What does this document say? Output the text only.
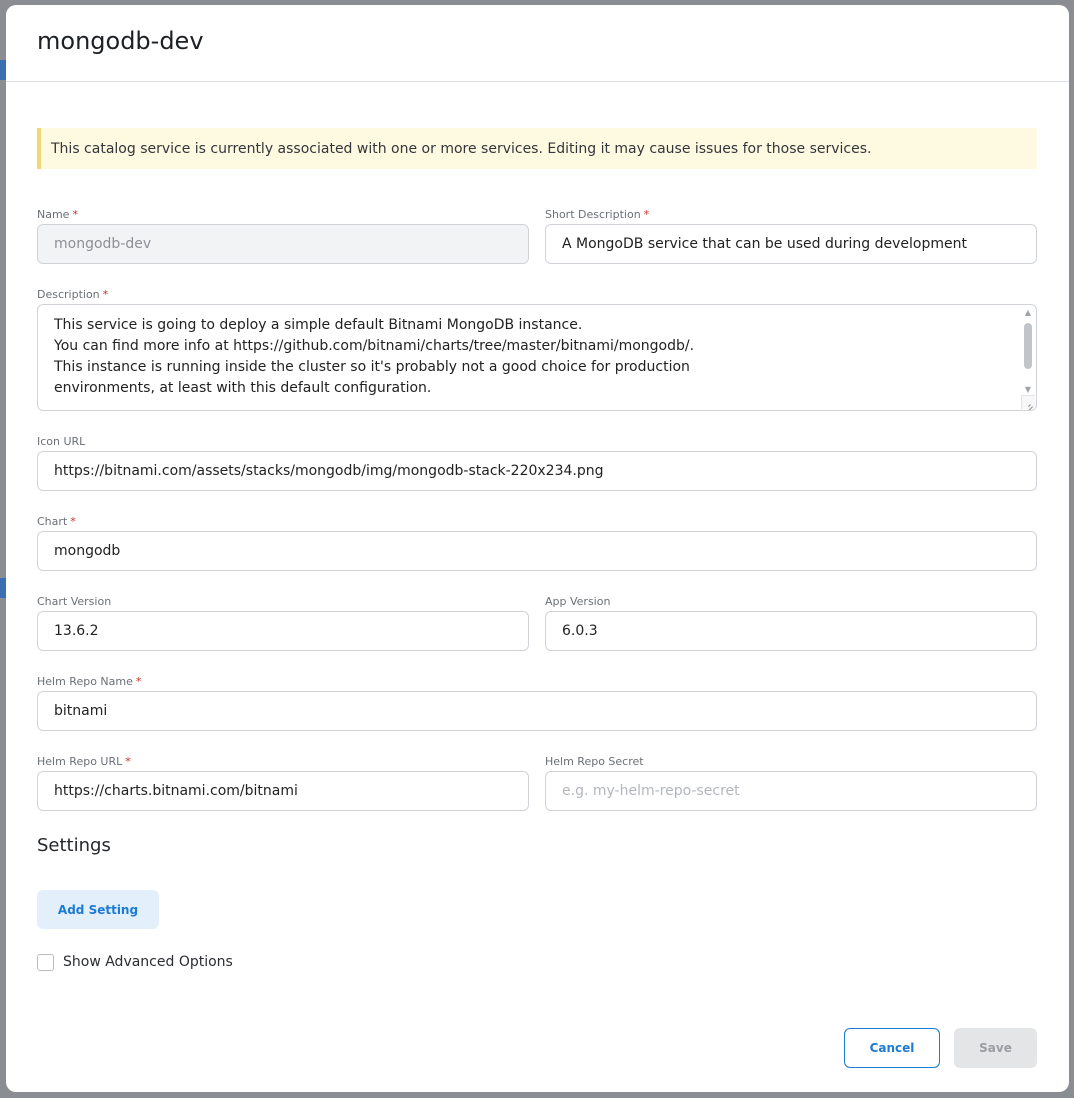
mongodb-dev
This catalog service is currently associated with one or more services. Editing it may cause issues for those services.
Name *
mongodb-dev
Short Description *
A MongoDB service that can be used during development
Description *
This service is going to deploy a simple default Bitnami MongoDB instance.
You can find more info at https://github.com/bitnami/charts/tree/master/bitnami/mongodb/.
This instance is running inside the cluster so it's probably not a good choice for production
environments, at least with this default configuration.
▲
▼
Icon URL
https://bitnami.com/assets/stacks/mongodb/img/mongodb-stack-220x234.png
Chart *
mongodb
Chart Version
13.6.2
App Version
6.0.3
Helm Repo Name *
bitnami
Helm Repo URL *
https://charts.bitnami.com/bitnami
Helm Repo Secret
e.g. my-helm-repo-secret
Settings
Add Setting
Show Advanced Options
Cancel	Save
